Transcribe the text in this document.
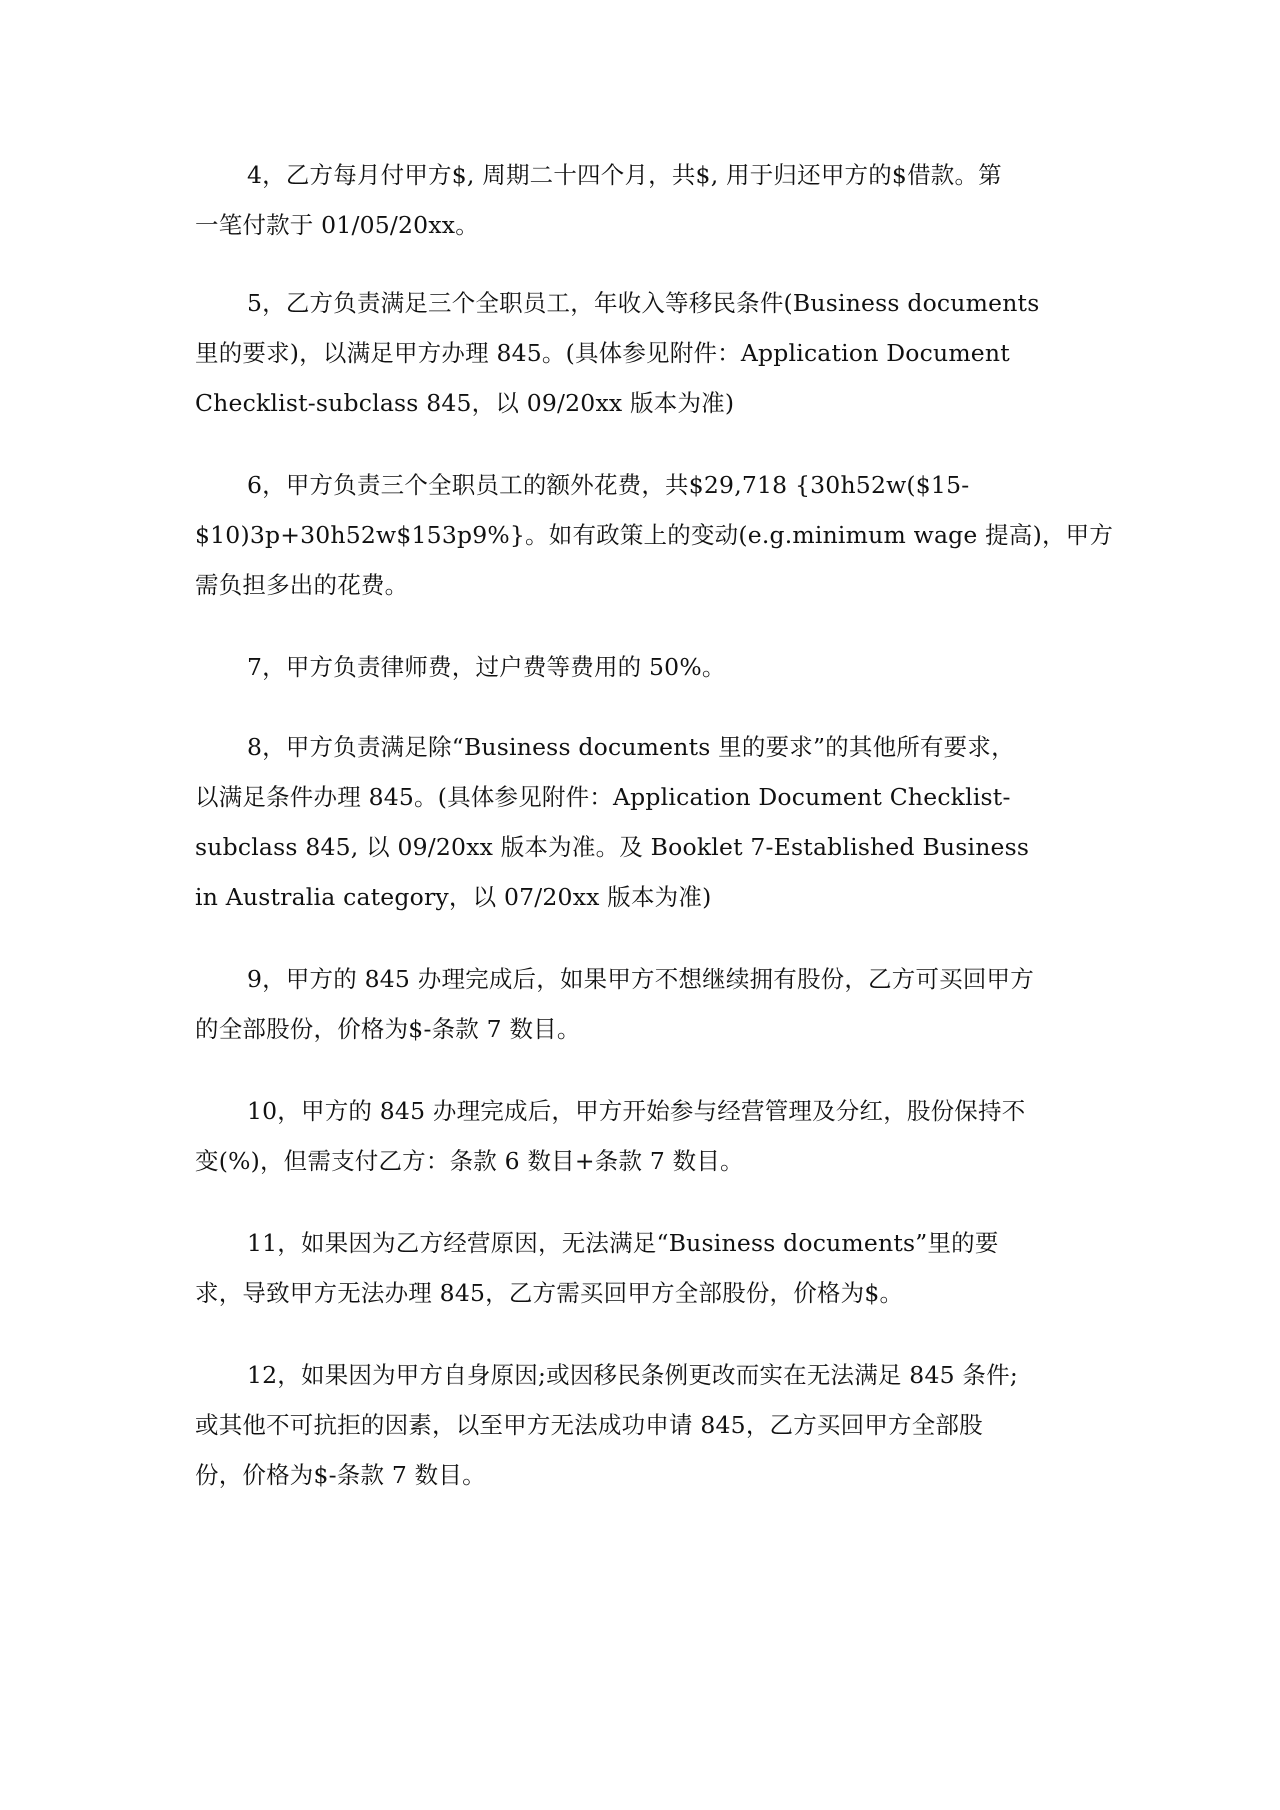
4，乙方每月付甲方$, 周期二十四个月，共$, 用于归还甲方的$借款。第
一笔付款于 01/05/20xx。
5，乙方负责满足三个全职员工，年收入等移民条件(Business documents
里的要求)，以满足甲方办理 845。(具体参见附件：Application Document
Checklist-subclass 845，以 09/20xx 版本为准)
6，甲方负责三个全职员工的额外花费，共$29,718 {30h52w($15-
$10)3p+30h52w$153p9%}。如有政策上的变动(e.g.minimum wage 提高)，甲方
需负担多出的花费。
7，甲方负责律师费，过户费等费用的 50%。
8，甲方负责满足除“Business documents 里的要求”的其他所有要求，
以满足条件办理 845。(具体参见附件：Application Document Checklist-
subclass 845, 以 09/20xx 版本为准。及 Booklet 7-Established Business
in Australia category，以 07/20xx 版本为准)
9，甲方的 845 办理完成后，如果甲方不想继续拥有股份，乙方可买回甲方
的全部股份，价格为$-条款 7 数目。
10，甲方的 845 办理完成后，甲方开始参与经营管理及分红，股份保持不
变(%)，但需支付乙方：条款 6 数目+条款 7 数目。
11，如果因为乙方经营原因，无法满足“Business documents”里的要
求，导致甲方无法办理 845，乙方需买回甲方全部股份，价格为$。
12，如果因为甲方自身原因;或因移民条例更改而实在无法满足 845 条件;
或其他不可抗拒的因素，以至甲方无法成功申请 845，乙方买回甲方全部股
份，价格为$-条款 7 数目。
